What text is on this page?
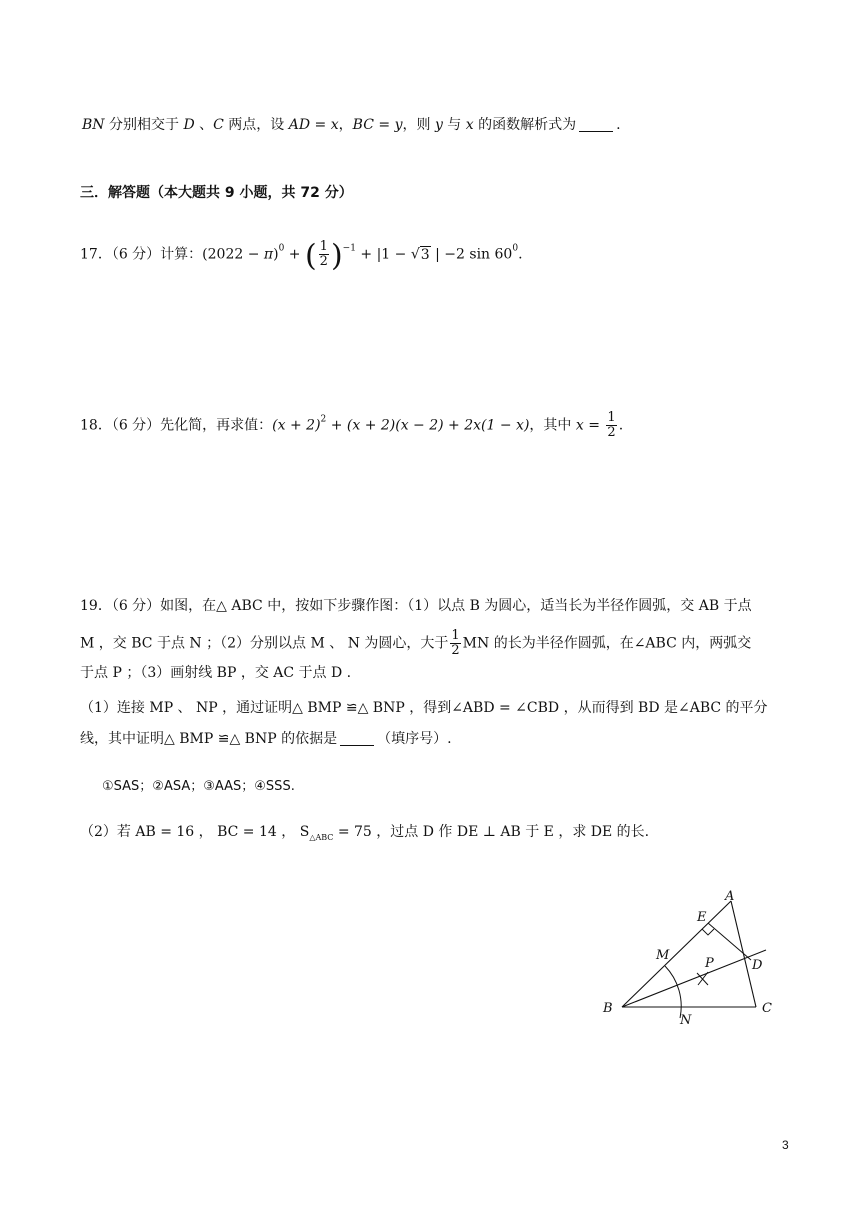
BN 分别相交于 D 、C 两点，设 AD = x，BC = y，则 y 与 x 的函数解析式为	.
三．解答题（本大题共 9 小题，共 72 分）
17．（6 分）计算：$(2022 - \pi)^0$ + ( $\frac{1}{2} )^{-1} + |1 - √3$ | −2 $\sin 60^0$.
18．（6 分）先化简，再求值：$(x + 2)^2 + (x + 2)(x - 2) + 2x(1 - x)$，其中 $x = \frac{1}{2}$ .
19．（6 分）如图，在△ ABC 中，按如下步骤作图：（1）以点 B 为圆心，适当长为半径作圆弧，交 AB 于点
M ，交 BC 于点 N ；（2）分别以点 M 、 N 为圆心，大于 $\frac{1}{2}$ MN 的长为半径作圆弧，在∠ABC 内，两弧交
于点 P ；（3）画射线 BP ，交 AC 于点 D .
（1）连接 MP 、 NP ，通过证明△ BMP ≌△ BNP ，得到∠ABD = ∠CBD ，从而得到 BD 是∠ABC 的平分
线，其中证明△ BMP ≌△ BNP 的依据是	（填序号）.
①SAS；②ASA；③AAS；④SSS.
（2）若 AB = 16 ， BC = 14 ， $S_{\triangle ABC} = 75$ ，过点 D 作 DE ⊥ AB 于 E ，求 DE 的长.
A
B	C
D
E
M
N
P
3
